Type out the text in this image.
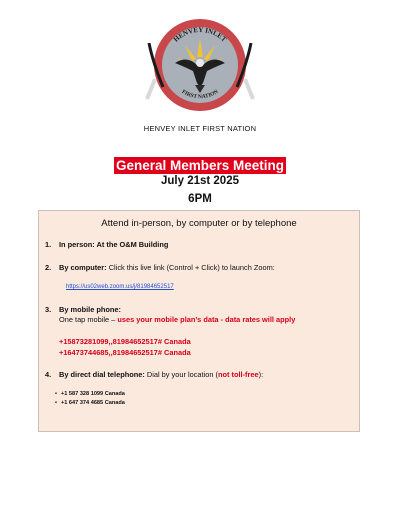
HENVEY INLET
FIRST NATION
HENVEY INLET FIRST NATION
General Members Meeting
July 21st 2025
6PM
Attend in-person, by computer or by telephone
1. In person: At the O&M Building
2. By computer: Click this live link (Control + Click) to launch Zoom:
https://us02web.zoom.us/j/81984652517
3. By mobile phone:
One tap mobile – uses your mobile plan’s data - data rates will apply
+15873281099,,81984652517# Canada
+16473744685,,81984652517# Canada
4. By direct dial telephone: Dial by your location (not toll-free):
• +1 587 328 1099 Canada
• +1 647 374 4685 Canada
